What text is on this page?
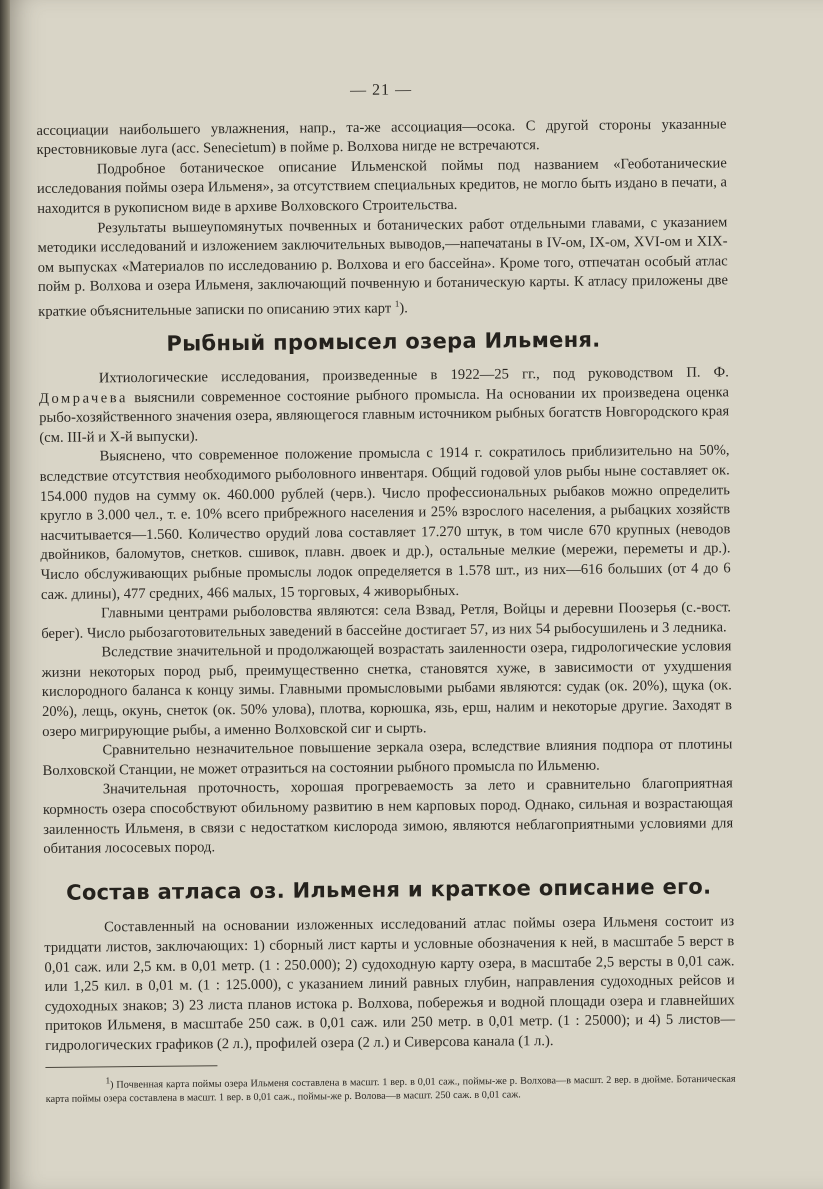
— 21 —

ассоциации наибольшего увлажнения, напр., та-же ассоциация—осока. С другой стороны указанные крестовниковые луга (асс. Senecietum) в пойме р. Волхова нигде не встречаются.

Подробное ботаническое описание Ильменской поймы под названием «Геоботанические исследования поймы озера Ильменя», за отсутствием специальных кредитов, не могло быть издано в печати, а находится в рукописном виде в архиве Волховского Строительства.

Результаты вышеупомянутых почвенных и ботанических работ отдельными главами, с указанием методики исследований и изложением заключительных выводов,—напечатаны в IV-ом, IX-ом, XVI-ом и XIX-ом выпусках «Материалов по исследованию р. Волхова и его бассейна». Кроме того, отпечатан особый атлас пойм р. Волхова и озера Ильменя, заключающий почвенную и ботаническую карты. К атласу приложены две краткие объяснительные записки по описанию этих карт $^1$).

Рыбный промысел озера Ильменя.

Ихтиологические исследования, произведенные в 1922—25 гг., под руководством П. Ф. Домрачева выяснили современное состояние рыбного промысла. На основании их произведена оценка рыбо-хозяйственного значения озера, являющегося главным источником рыбных богатств Новгородского края (см. III-й и X-й выпуски).

Выяснено, что современное положение промысла с 1914 г. сократилось приблизительно на 50%, вследствие отсутствия необходимого рыболовного инвентаря. Общий годовой улов рыбы ныне составляет ок. 154.000 пудов на сумму ок. 460.000 рублей (черв.). Число профессиональных рыбаков можно определить кругло в 3.000 чел., т. е. 10% всего прибрежного населения и 25% взрослого населения, а рыбацких хозяйств насчитывается—1.560. Количество орудий лова составляет 17.270 штук, в том числе 670 крупных (неводов двойников, баломутов, снетков. сшивок, плавн. двоек и др.), остальные мелкие (мережи, переметы и др.). Число обслуживающих рыбные промыслы лодок определяется в 1.578 шт., из них—616 больших (от 4 до 6 саж. длины), 477 средних, 466 малых, 15 торговых, 4 живорыбных.

Главными центрами рыболовства являются: села Взвад, Ретля, Войцы и деревни Поозерья (с.-вост. берег). Число рыбозаготовительных заведений в бассейне достигает 57, из них 54 рыбосушилень и 3 ледника.

Вследствие значительной и продолжающей возрастать заиленности озера, гидрологические условия жизни некоторых пород рыб, преимущественно снетка, становятся хуже, в зависимости от ухудшения кислородного баланса к концу зимы. Главными промысловыми рыбами являются: судак (ок. 20%), щука (ок. 20%), лещь, окунь, снеток (ок. 50% улова), плотва, корюшка, язь, ерш, налим и некоторые другие. Заходят в озеро мигрирующие рыбы, а именно Волховской сиг и сырть.

Сравнительно незначительное повышение зеркала озера, вследствие влияния подпора от плотины Волховской Станции, не может отразиться на состоянии рыбного промысла по Ильменю.

Значительная проточность, хорошая прогреваемость за лето и сравнительно благоприятная кормность озера способствуют обильному развитию в нем карповых пород. Однако, сильная и возрастающая заиленность Ильменя, в связи с недостатком кислорода зимою, являются неблагоприятными условиями для обитания лососевых пород.

Состав атласа оз. Ильменя и краткое описание его.

Составленный на основании изложенных исследований атлас поймы озера Ильменя состоит из тридцати листов, заключающих: 1) сборный лист карты и условные обозначения к ней, в масштабе 5 верст в 0,01 саж. или 2,5 км. в 0,01 метр. (1 : 250.000); 2) судоходную карту озера, в масштабе 2,5 версты в 0,01 саж. или 1,25 кил. в 0,01 м. (1 : 125.000), с указанием линий равных глубин, направления судоходных рейсов и судоходных знаков; 3) 23 листа планов истока р. Волхова, побережья и водной площади озера и главнейших притоков Ильменя, в масштабе 250 саж. в 0,01 саж. или 250 метр. в 0,01 метр. (1 : 25000); и 4) 5 листов—гидрологических графиков (2 л.), профилей озера (2 л.) и Сиверсова канала (1 л.).

$^1$) Почвенная карта поймы озера Ильменя составлена в масшт. 1 вер. в 0,01 саж., поймы-же р. Волхова—в масшт. 2 вер. в дюйме. Ботаническая карта поймы озера составлена в масшт. 1 вер. в 0,01 саж., поймы-же р. Волова—в масшт. 250 саж. в 0,01 саж.
